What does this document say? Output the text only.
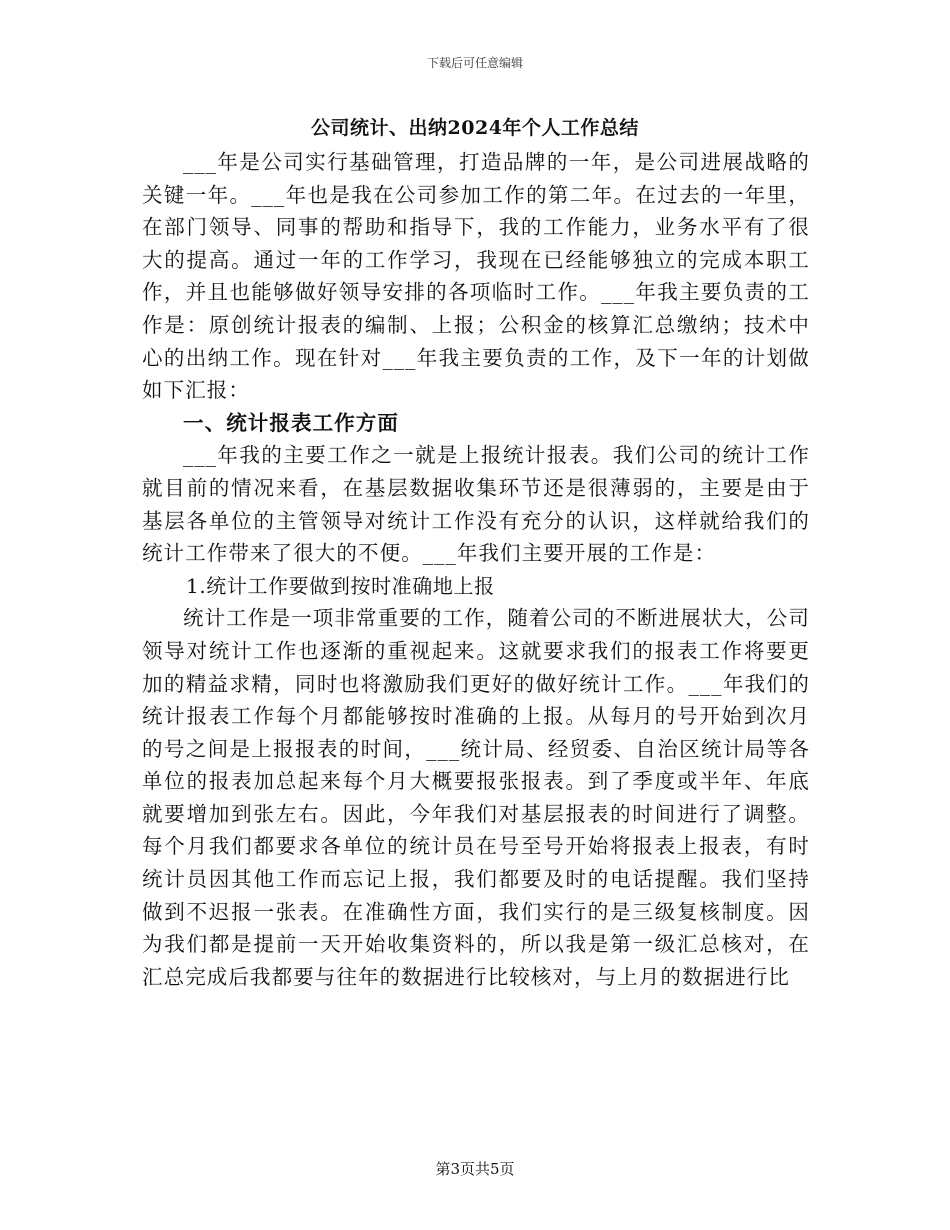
下载后可任意编辑
公司统计、出纳2024年个人工作总结

___年是公司实行基础管理，打造品牌的一年，是公司进展战略的关键一年。___年也是我在公司参加工作的第二年。在过去的一年里，在部门领导、同事的帮助和指导下，我的工作能力，业务水平有了很大的提高。通过一年的工作学习，我现在已经能够独立的完成本职工作，并且也能够做好领导安排的各项临时工作。___年我主要负责的工作是：原创统计报表的编制、上报；公积金的核算汇总缴纳；技术中心的出纳工作。现在针对___年我主要负责的工作，及下一年的计划做如下汇报：

一、统计报表工作方面

___年我的主要工作之一就是上报统计报表。我们公司的统计工作就目前的情况来看，在基层数据收集环节还是很薄弱的，主要是由于基层各单位的主管领导对统计工作没有充分的认识，这样就给我们的统计工作带来了很大的不便。___年我们主要开展的工作是：

1.统计工作要做到按时准确地上报

统计工作是一项非常重要的工作，随着公司的不断进展状大，公司领导对统计工作也逐渐的重视起来。这就要求我们的报表工作将要更加的精益求精，同时也将激励我们更好的做好统计工作。___年我们的统计报表工作每个月都能够按时准确的上报。从每月的号开始到次月的号之间是上报报表的时间，___统计局、经贸委、自治区统计局等各单位的报表加总起来每个月大概要报张报表。到了季度或半年、年底就要增加到张左右。因此，今年我们对基层报表的时间进行了调整。每个月我们都要求各单位的统计员在号至号开始将报表上报表，有时统计员因其他工作而忘记上报，我们都要及时的电话提醒。我们坚持做到不迟报一张表。在准确性方面，我们实行的是三级复核制度。因为我们都是提前一天开始收集资料的，所以我是第一级汇总核对，在汇总完成后我都要与往年的数据进行比较核对，与上月的数据进行比

第3页共5页
